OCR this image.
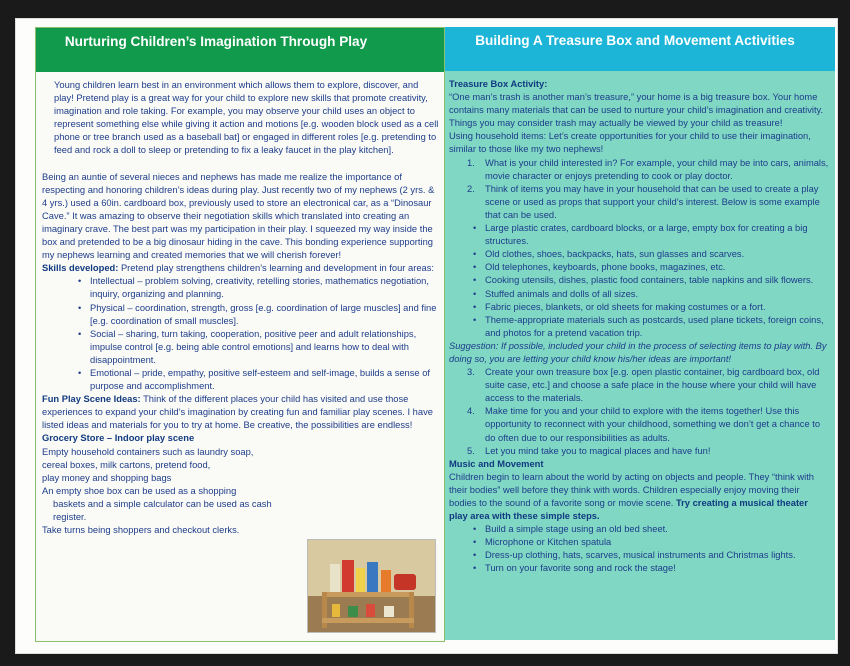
Nurturing Children’s Imagination Through Play

Young children learn best in an environment which allows them to explore, discover, and play! Pretend play is a great way for your child to explore new skills that promote creativity, imagination and role taking. For example, you may observe your child uses an object to represent something else while giving it action and motions [e.g. wooden block used as a cell phone or tree branch used as a baseball bat] or engaged in different roles [e.g. pretending to feed and rock a doll to sleep or pretending to fix a leaky faucet in the play kitchen].

Being an auntie of several nieces and nephews has made me realize the importance of respecting and honoring children’s ideas during play. Just recently two of my nephews (2 yrs. & 4 yrs.) used a 60in. cardboard box, previously used to store an electronical car, as a “Dinosaur Cave.” It was amazing to observe their negotiation skills which translated into creating an imaginary crave. The best part was my participation in their play. I squeezed my way inside the box and pretended to be a big dinosaur hiding in the cave. This bonding experience supporting my nephews learning and created memories that we will cherish forever!

Skills developed: Pretend play strengthens children’s learning and development in four areas:

• Intellectual – problem solving, creativity, retelling stories, mathematics negotiation, inquiry, organizing and planning.
• Physical – coordination, strength, gross [e.g. coordination of large muscles] and fine [e.g. coordination of small muscles].
• Social – sharing, turn taking, cooperation, positive peer and adult relationships, impulse control [e.g. being able control emotions] and learns how to deal with disappointment.
• Emotional – pride, empathy, positive self-esteem and self-image, builds a sense of purpose and accomplishment.

Fun Play Scene Ideas: Think of the different places your child has visited and use those experiences to expand your child’s imagination by creating fun and familiar play scenes. I have listed ideas and materials for you to try at home. Be creative, the possibilities are endless!

Grocery Store – Indoor play scene

Empty household containers such as laundry soap,

cereal boxes, milk cartons, pretend food,

play money and shopping bags

An empty shoe box can be used as a shopping

baskets and a simple calculator can be used as cash

register.

Take turns being shoppers and checkout clerks.

Building A Treasure Box and Movement Activities

Treasure Box Activity:

“One man’s trash is another man’s treasure,” your home is a big treasure box. Your home contains many materials that can be used to nurture your child’s imagination and creativity. Things you may consider trash may actually be viewed by your child as treasure!

Using household items: Let’s create opportunities for your child to use their imagination, similar to those like my two nephews!

1. What is your child interested in? For example, your child may be into cars, animals, movie character or enjoys pretending to cook or play doctor.
2. Think of items you may have in your household that can be used to create a play scene or used as props that support your child’s interest. Below is some example that can be used.
• Large plastic crates, cardboard blocks, or a large, empty box for creating a big structures.
• Old clothes, shoes, backpacks, hats, sun glasses and scarves.
• Old telephones, keyboards, phone books, magazines, etc.
• Cooking utensils, dishes, plastic food containers, table napkins and silk flowers.
• Stuffed animals and dolls of all sizes.
• Fabric pieces, blankets, or old sheets for making costumes or a fort.
• Theme-appropriate materials such as postcards, used plane tickets, foreign coins, and photos for a pretend vacation trip.

Suggestion: If possible, included your child in the process of selecting items to play with. By doing so, you are letting your child know his/her ideas are important!

3. Create your own treasure box [e.g. open plastic container, big cardboard box, old suite case, etc.] and choose a safe place in the house where your child will have access to the materials.
4. Make time for you and your child to explore with the items together! Use this opportunity to reconnect with your childhood, something we don’t get a chance to do often due to our responsibilities as adults.
5. Let you mind take you to magical places and have fun!

Music and Movement

Children begin to learn about the world by acting on objects and people. They “think with their bodies” well before they think with words. Children especially enjoy moving their bodies to the sound of a favorite song or movie scene. Try creating a musical theater play area with these simple steps.

• Build a simple stage using an old bed sheet.
• Microphone or Kitchen spatula
• Dress-up clothing, hats, scarves, musical instruments and Christmas lights.
• Turn on your favorite song and rock the stage!
